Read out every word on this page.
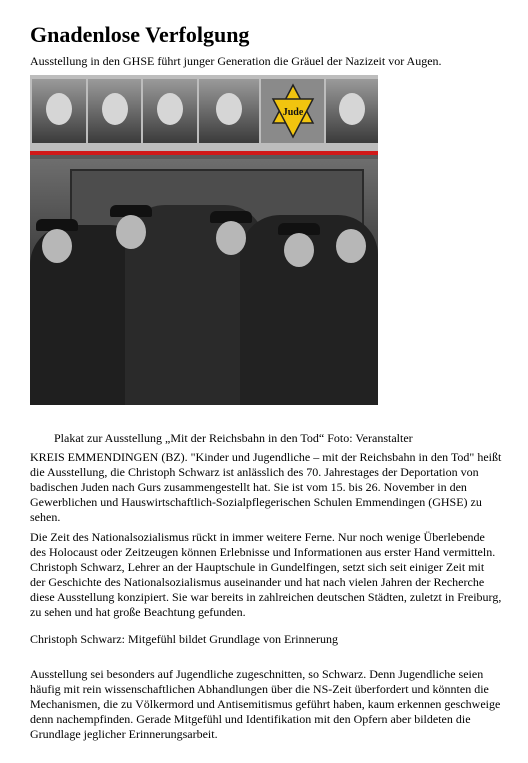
Gnadenlose Verfolgung
Ausstellung in den GHSE führt junger Generation die Gräuel der Nazizeit vor Augen.
Jude
Plakat zur Ausstellung „Mit der Reichsbahn in den Tod“ Foto: Veranstalter

KREIS EMMENDINGEN (BZ). "Kinder und Jugendliche – mit der Reichsbahn in den Tod" heißt die Ausstellung, die Christoph Schwarz ist anlässlich des 70. Jahrestages der Deportation von badischen Juden nach Gurs zusammengestellt hat. Sie ist vom 15. bis 26. November in den Gewerblichen und Hauswirtschaftlich-Sozialpflegerischen Schulen Emmendingen (GHSE) zu sehen.

Die Zeit des Nationalsozialismus rückt in immer weitere Ferne. Nur noch wenige Überlebende des Holocaust oder Zeitzeugen können Erlebnisse und Informationen aus erster Hand vermitteln. Christoph Schwarz, Lehrer an der Hauptschule in Gundelfingen, setzt sich seit einiger Zeit mit der Geschichte des Nationalsozialismus auseinander und hat nach vielen Jahren der Recherche diese Ausstellung konzipiert. Sie war bereits in zahlreichen deutschen Städten, zuletzt in Freiburg, zu sehen und hat große Beachtung gefunden.

Christoph Schwarz: Mitgefühl bildet Grundlage von Erinnerung

Ausstellung sei besonders auf Jugendliche zugeschnitten, so Schwarz. Denn Jugendliche seien häufig mit rein wissenschaftlichen Abhandlungen über die NS-Zeit überfordert und könnten die Mechanismen, die zu Völkermord und Antisemitismus geführt haben, kaum erkennen geschweige denn nachempfinden. Gerade Mitgefühl und Identifikation mit den Opfern aber bildeten die Grundlage jeglicher Erinnerungsarbeit.
